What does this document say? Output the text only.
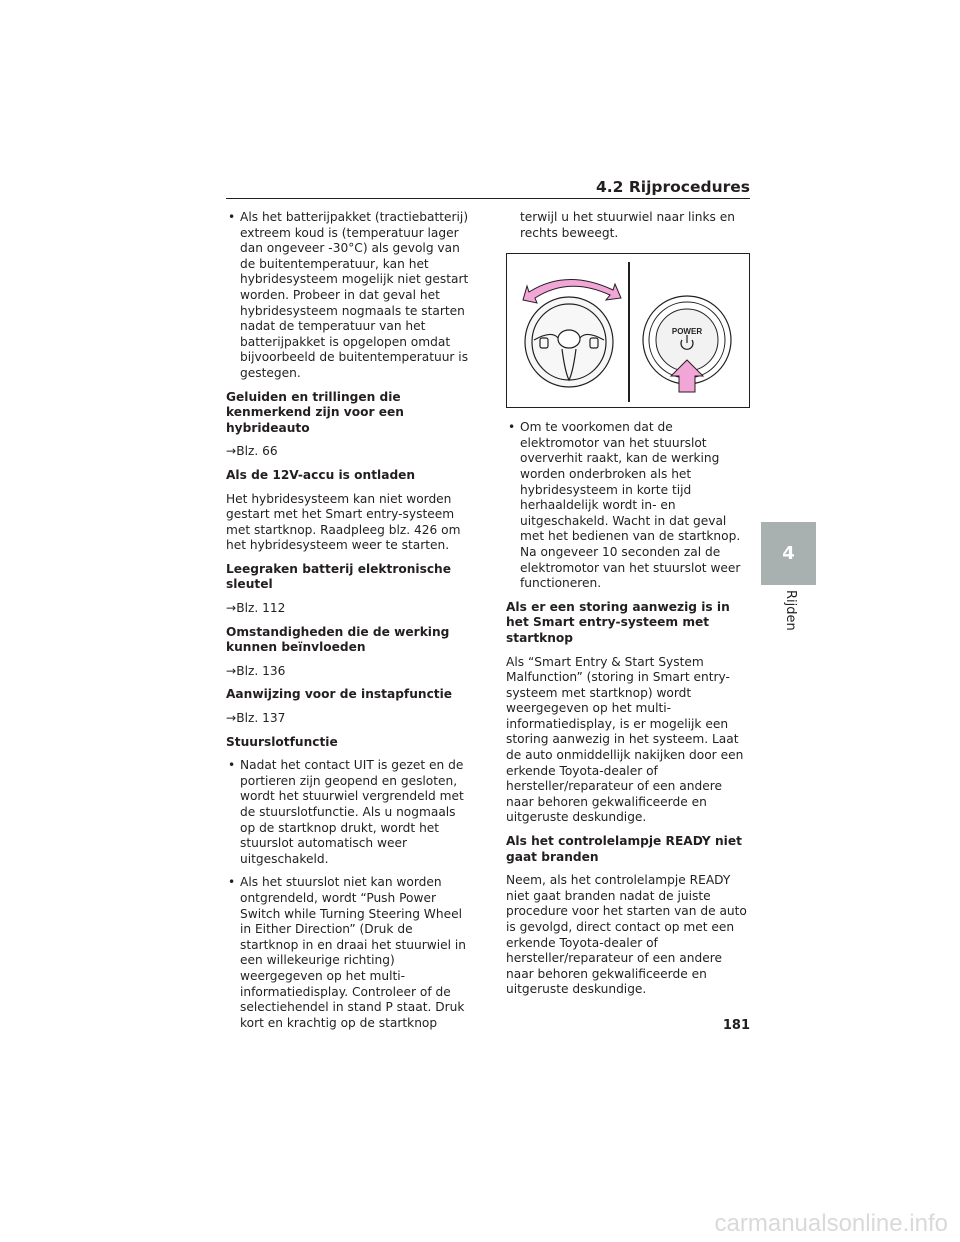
4.2 Rijprocedures
• Als het batterijpakket (tractiebatterij) extreem koud is (temperatuur lager dan ongeveer -30°C) als gevolg van de buitentemperatuur, kan het hybridesysteem mogelijk niet gestart worden. Probeer in dat geval het hybridesysteem nogmaals te starten nadat de temperatuur van het batterijpakket is opgelopen omdat bijvoorbeeld de buitentemperatuur is gestegen.
Geluiden en trillingen die kenmerkend zijn voor een hybrideauto
→Blz. 66
Als de 12V-accu is ontladen
Het hybridesysteem kan niet worden gestart met het Smart entry-systeem met startknop. Raadpleeg blz. 426 om het hybridesysteem weer te starten.
Leegraken batterij elektronische sleutel
→Blz. 112
Omstandigheden die de werking kunnen beïnvloeden
→Blz. 136
Aanwijzing voor de instapfunctie
→Blz. 137
Stuurslotfunctie
• Nadat het contact UIT is gezet en de portieren zijn geopend en gesloten, wordt het stuurwiel vergrendeld met de stuurslotfunctie. Als u nogmaals op de startknop drukt, wordt het stuurslot automatisch weer uitgeschakeld.
• Als het stuurslot niet kan worden ontgrendeld, wordt “Push Power Switch while Turning Steering Wheel in Either Direction” (Druk de startknop in en draai het stuurwiel in een willekeurige richting) weergegeven op het multi-informatiedisplay. Controleer of de selectiehendel in stand P staat. Druk kort en krachtig op de startknop
terwijl u het stuurwiel naar links en rechts beweegt.
POWER
• Om te voorkomen dat de elektromotor van het stuurslot oververhit raakt, kan de werking worden onderbroken als het hybridesysteem in korte tijd herhaaldelijk wordt in- en uitgeschakeld. Wacht in dat geval met het bedienen van de startknop. Na ongeveer 10 seconden zal de elektromotor van het stuurslot weer functioneren.
Als er een storing aanwezig is in het Smart entry-systeem met startknop
Als “Smart Entry & Start System Malfunction” (storing in Smart entry-systeem met startknop) wordt weergegeven op het multi-informatiedisplay, is er mogelijk een storing aanwezig in het systeem. Laat de auto onmiddellijk nakijken door een erkende Toyota-dealer of hersteller/reparateur of een andere naar behoren gekwalificeerde en uitgeruste deskundige.
Als het controlelampje READY niet gaat branden
Neem, als het controlelampje READY niet gaat branden nadat de juiste procedure voor het starten van de auto is gevolgd, direct contact op met een erkende Toyota-dealer of hersteller/reparateur of een andere naar behoren gekwalificeerde en uitgeruste deskundige.
4
Rijden
181
carmanualsonline.info
